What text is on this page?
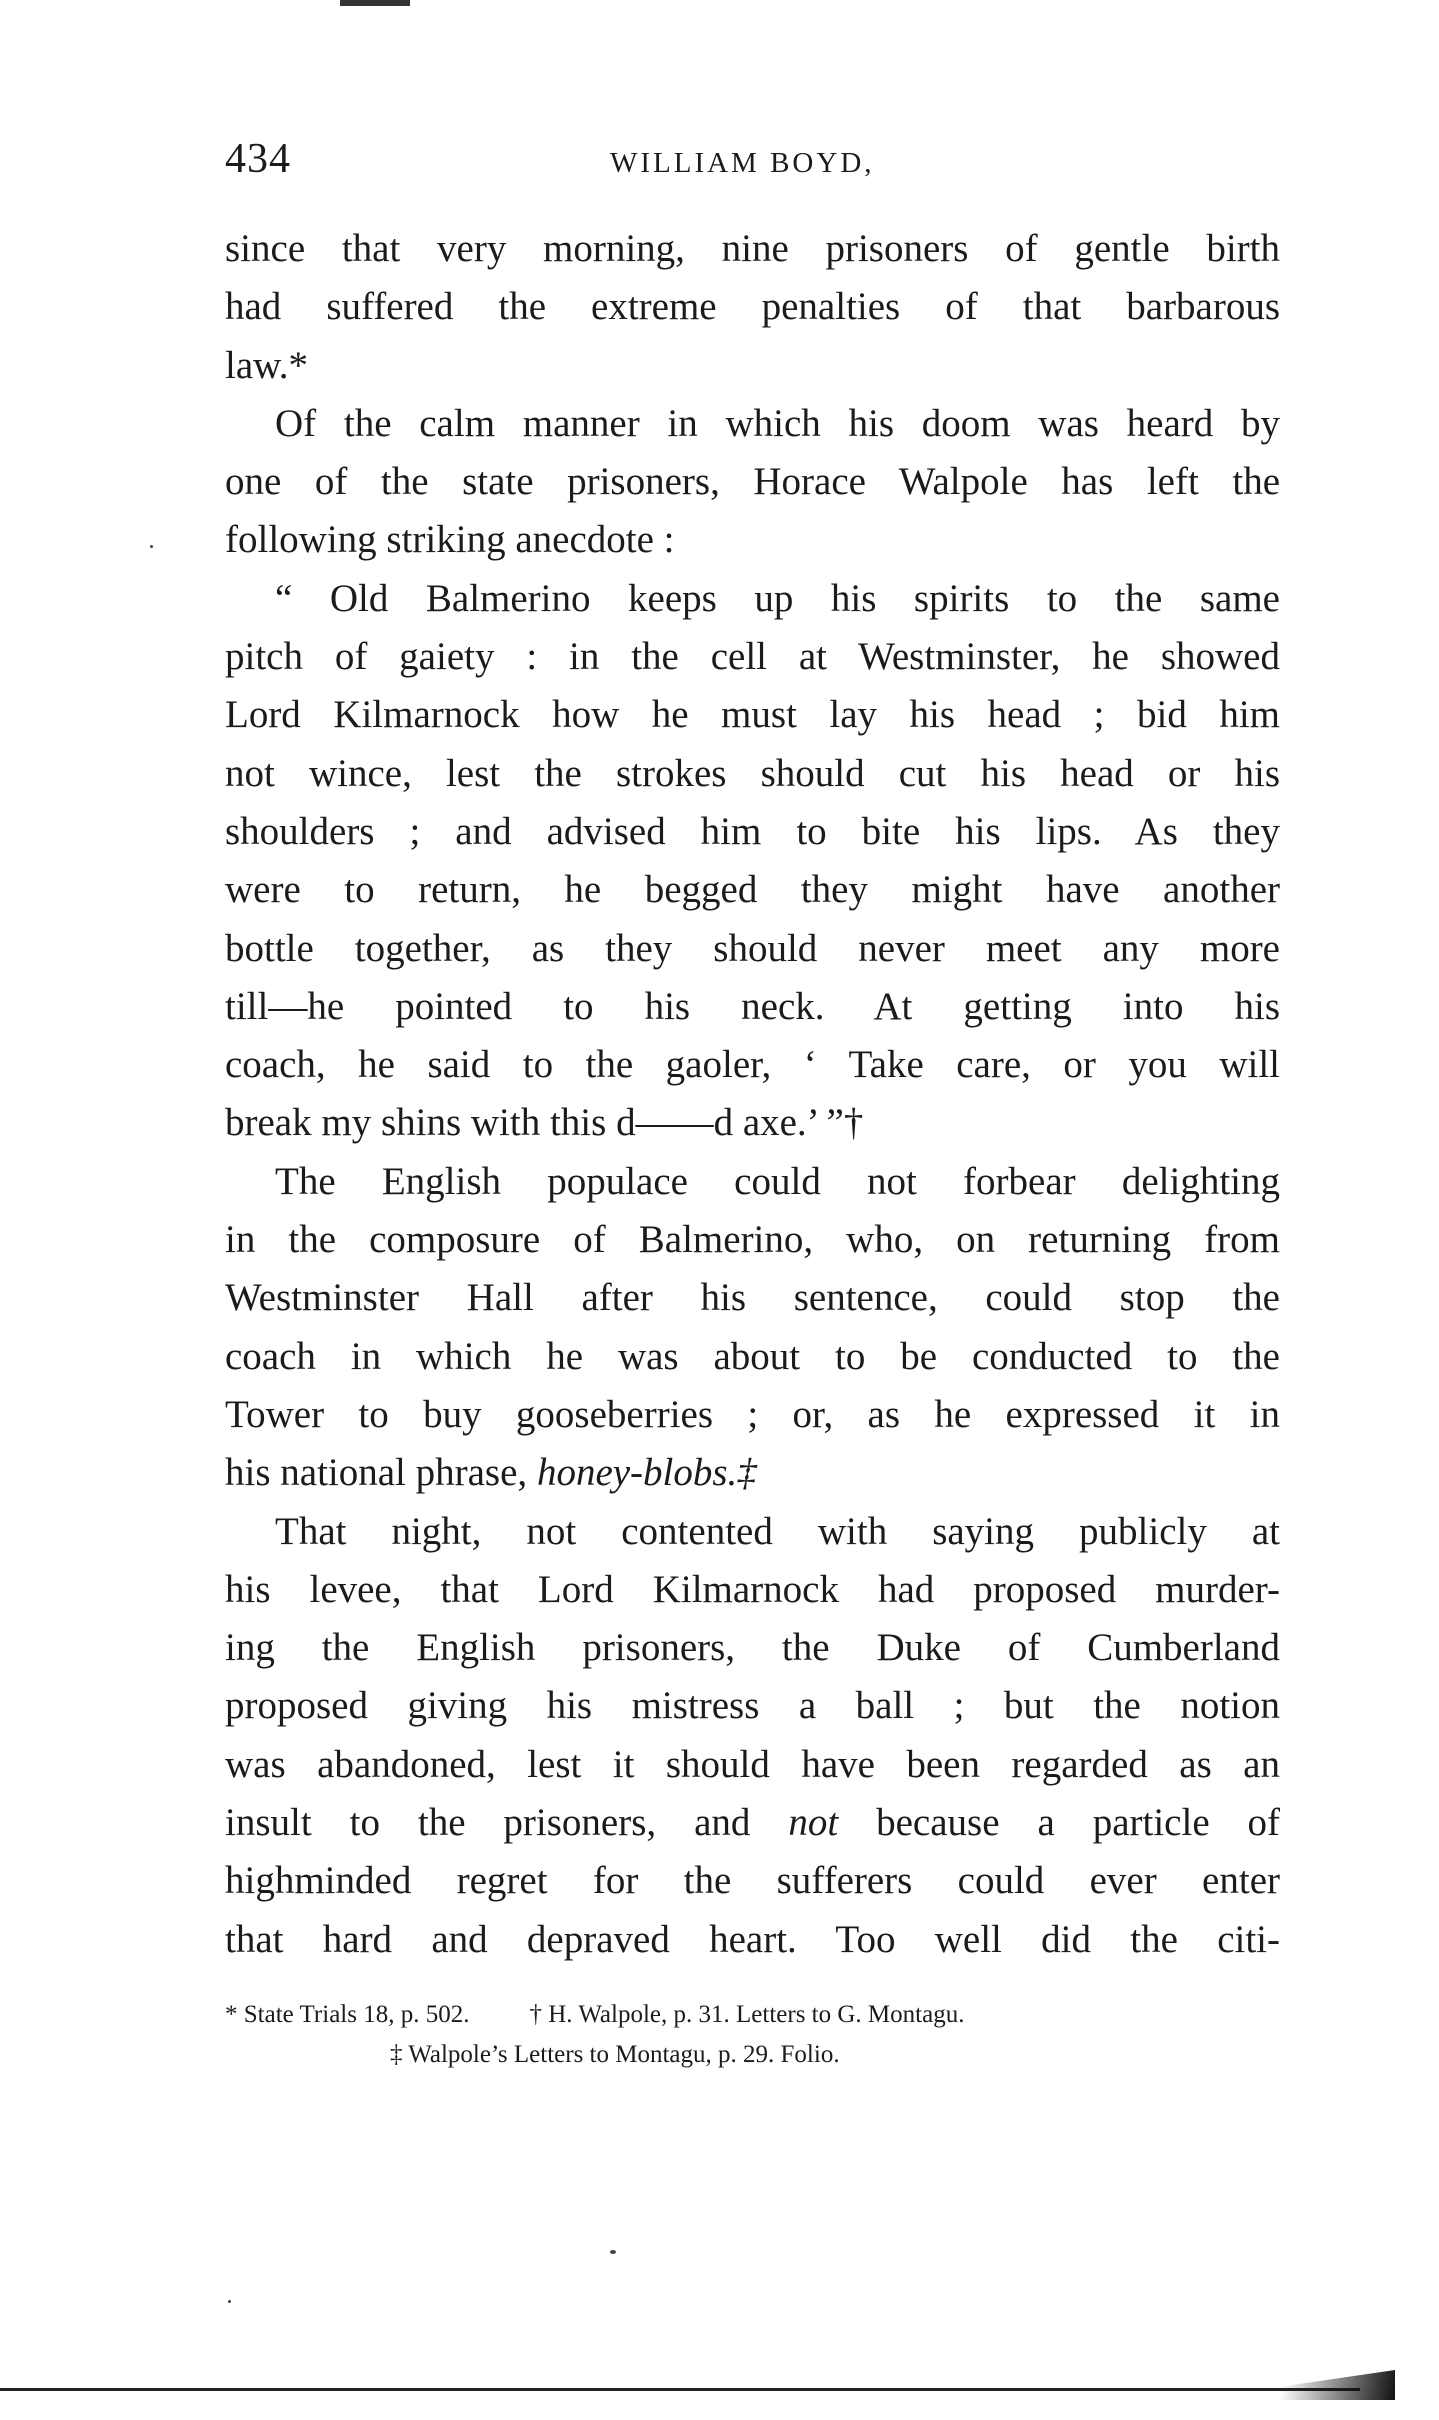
434	WILLIAM BOYD,
since that very morning, nine prisoners of gentle birth
had suffered the extreme penalties of that barbarous
law.*
Of the calm manner in which his doom was heard by
one of the state prisoners, Horace Walpole has left the
following striking anecdote :
“ Old Balmerino keeps up his spirits to the same
pitch of gaiety : in the cell at Westminster, he showed
Lord Kilmarnock how he must lay his head ; bid him
not wince, lest the strokes should cut his head or his
shoulders ; and advised him to bite his lips. As they
were to return, he begged they might have another
bottle together, as they should never meet any more
till—he pointed to his neck. At getting into his
coach, he said to the gaoler, ‘ Take care, or you will
break my shins with this d——d axe.’ ”†
The English populace could not forbear delighting
in the composure of Balmerino, who, on returning from
Westminster Hall after his sentence, could stop the
coach in which he was about to be conducted to the
Tower to buy gooseberries ; or, as he expressed it in
his national phrase, honey-blobs.‡
That night, not contented with saying publicly at
his levee, that Lord Kilmarnock had proposed murder-
ing the English prisoners, the Duke of Cumberland
proposed giving his mistress a ball ; but the notion
was abandoned, lest it should have been regarded as an
insult to the prisoners, and not because a particle of
highminded regret for the sufferers could ever enter
that hard and depraved heart. Too well did the citi-
* State Trials 18, p. 502. † H. Walpole, p. 31. Letters to G. Montagu.
‡ Walpole’s Letters to Montagu, p. 29. Folio.
